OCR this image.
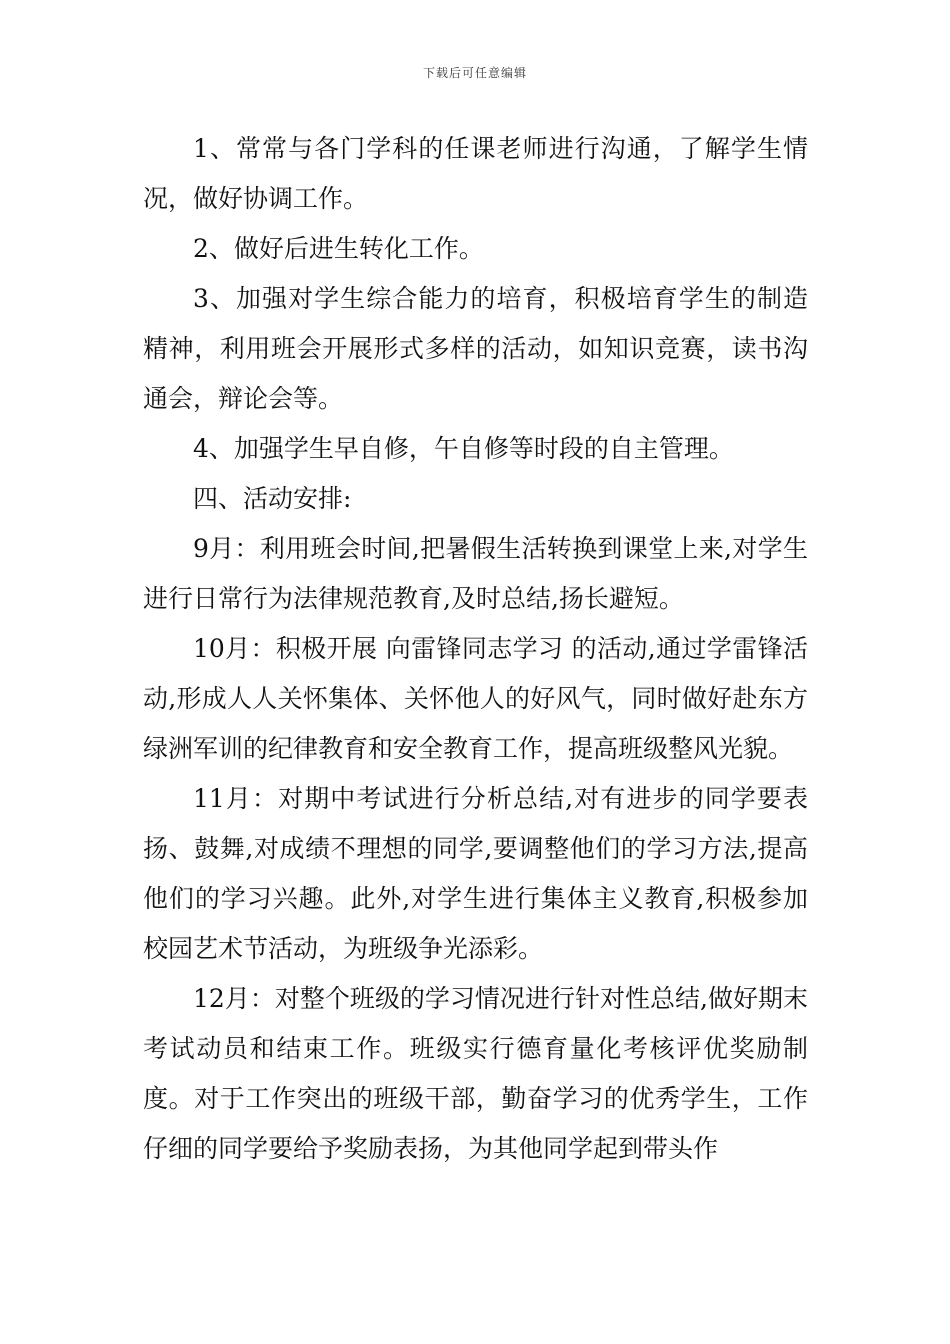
下载后可任意编辑

1、常常与各门学科的任课老师进行沟通，了解学生情况，做好协调工作。

2、做好后进生转化工作。

3、加强对学生综合能力的培育，积极培育学生的制造精神，利用班会开展形式多样的活动，如知识竞赛，读书沟通会，辩论会等。

4、加强学生早自修，午自修等时段的自主管理。

四、活动安排:

9月：利用班会时间,把暑假生活转换到课堂上来,对学生进行日常行为法律规范教育,及时总结,扬长避短。

10月：积极开展 向雷锋同志学习 的活动,通过学雷锋活动,形成人人关怀集体、关怀他人的好风气，同时做好赴东方绿洲军训的纪律教育和安全教育工作，提高班级整风光貌。

11月：对期中考试进行分析总结,对有进步的同学要表扬、鼓舞,对成绩不理想的同学,要调整他们的学习方法,提高他们的学习兴趣。此外,对学生进行集体主义教育,积极参加校园艺术节活动，为班级争光添彩。

12月：对整个班级的学习情况进行针对性总结,做好期末考试动员和结束工作。班级实行德育量化考核评优奖励制度。对于工作突出的班级干部，勤奋学习的优秀学生，工作仔细的同学要给予奖励表扬，为其他同学起到带头作
